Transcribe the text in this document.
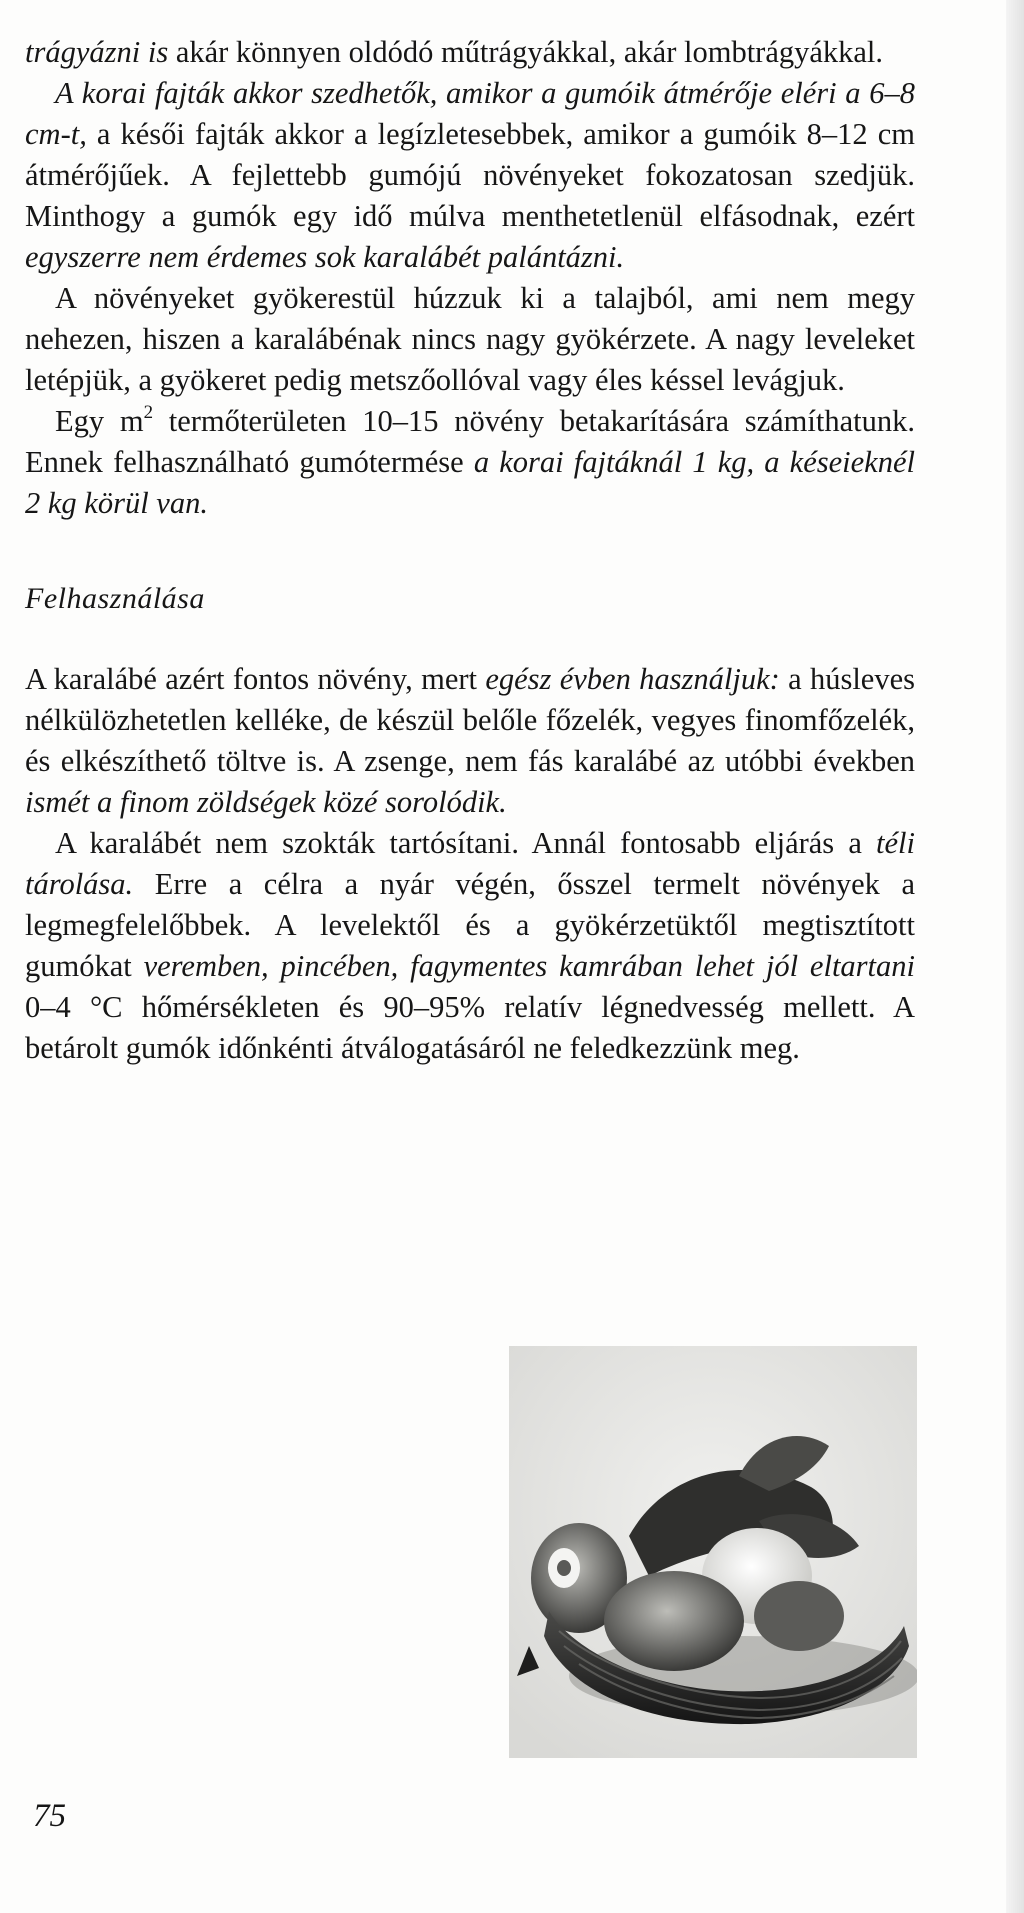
trágyázni is akár könnyen oldódó műtrágyákkal, akár lombtrágyákkal.

A korai fajták akkor szedhetők, amikor a gumóik átmérője eléri a 6–8 cm-t, a késői fajták akkor a legízletesebbek, amikor a gumóik 8–12 cm átmérőjűek. A fejlettebb gumójú növényeket fokozatosan szedjük. Minthogy a gumók egy idő múlva menthetetlenül elfásodnak, ezért egyszerre nem érdemes sok karalábét palántázni.

A növényeket gyökerestül húzzuk ki a talajból, ami nem megy nehezen, hiszen a karalábénak nincs nagy gyökérzete. A nagy leveleket letépjük, a gyökeret pedig metszőollóval vagy éles késsel levágjuk.

Egy $m^2$ termőterületen 10–15 növény betakarítására számíthatunk. Ennek felhasználható gumótermése a korai fajtáknál 1 kg, a késeieknél 2 kg körül van.

Felhasználása

A karalábé azért fontos növény, mert egész évben használjuk: a húsleves nélkülözhetetlen kelléke, de készül belőle főzelék, vegyes finomfőzelék, és elkészíthető töltve is. A zsenge, nem fás karalábé az utóbbi években ismét a finom zöldségek közé sorolódik.

A karalábét nem szokták tartósítani. Annál fontosabb eljárás a téli tárolása. Erre a célra a nyár végén, ősszel termelt növények a legmegfelelőbbek. A levelektől és a gyökérzetüktől megtisztított gumókat veremben, pincében, fagymentes kamrában lehet jól eltartani 0–4 °C hőmérsékleten és 90–95% relatív légnedvesség mellett. A betárolt gumók időnkénti átválogatásáról ne feledkezzünk meg.

75
